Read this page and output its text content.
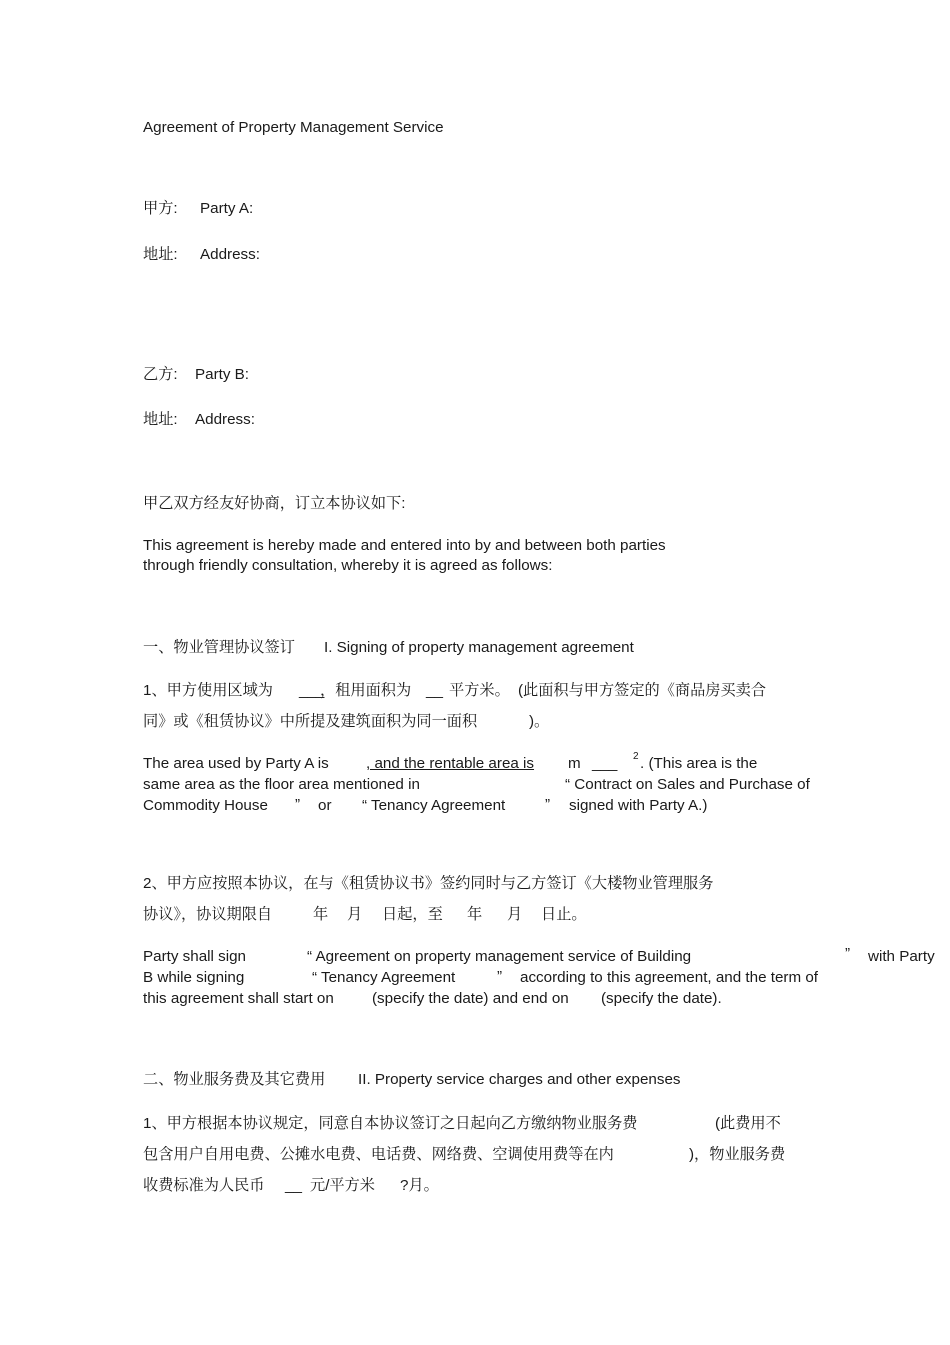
Agreement of Property Management Service
甲方: Party A:
地址: Address:
乙方: Party B:
地址: Address:
甲乙双方经友好协商，订立本协议如下:
This agreement is hereby made and entered into by and between both parties
through friendly consultation, whereby it is agreed as follows:
一、物业管理协议签订 I. Signing of property management agreement
1、甲方使用区域为 ___
，租用面积为 __ 平方米。 (此面积与甲方签定的《商品房买卖合
同》或《租赁协议》中所提及建筑面积为同一面积	)。
The area used by Party A is , and the rentable area is m ___ 2 . (This area is the
same area as the floor area mentioned in	“ Contract on Sales and Purchase of
Commodity House ” or “ Tenancy Agreement	” signed with Party A.)
2、甲方应按照本协议，在与《租赁协议书》签约同时与乙方签订《大楼物业管理服务
协议》，协议期限自	年 月 日起，至 年 月 日止。
Party shall sign	“ Agreement on property management service of Building	” with Party
B while signing	“ Tenancy Agreement	” according to this agreement, and the term of
this agreement shall start on	(specify the date) and end on (specify the date).
二、物业服务费及其它费用 II. Property service charges and other expenses
1、甲方根据本协议规定，同意自本协议签订之日起向乙方缴纳物业服务费	(此费用不
包含用户自用电费、公摊水电费、电话费、网络费、空调使用费等在内	)，物业服务费
收费标准为人民币 __ 元/平方米 ?月。
